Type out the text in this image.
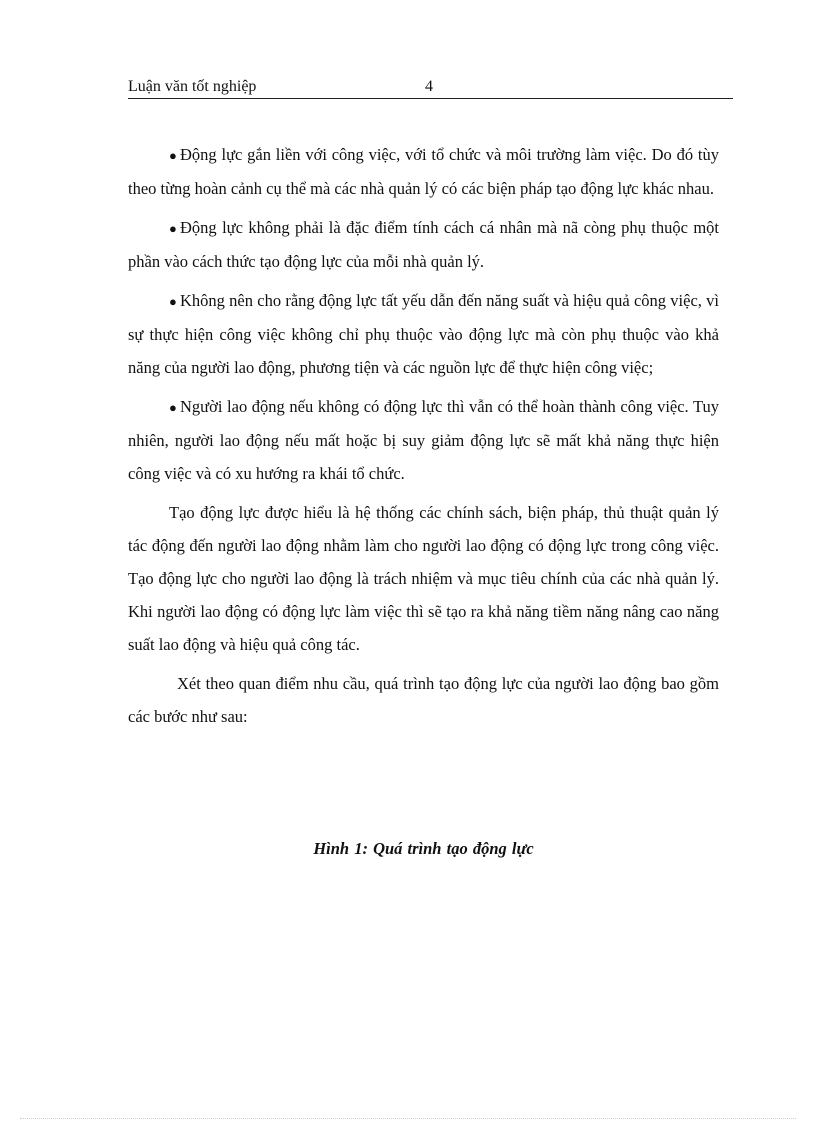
Luận văn tốt nghiệp	4

● Động lực gắn liền với công việc, với tổ chức và môi trường làm việc. Do đó tùy theo từng hoàn cảnh cụ thể mà các nhà quản lý có các biện pháp tạo động lực khác nhau.

● Động lực không phải là đặc điểm tính cách cá nhân mà nã còng phụ thuộc một phần vào cách thức tạo động lực của mỗi nhà quản lý.

● Không nên cho rằng động lực tất yếu dẫn đến năng suất và hiệu quả công việc, vì sự thực hiện công việc không chỉ phụ thuộc vào động lực mà còn phụ thuộc vào khả năng của người lao động, phương tiện và các nguồn lực để thực hiện công việc;

● Người lao động nếu không có động lực thì vẫn có thể hoàn thành công việc. Tuy nhiên, người lao động nếu mất hoặc bị suy giảm động lực sẽ mất khả năng thực hiện công việc và có xu hướng ra khái tổ chức.

Tạo động lực được hiểu là hệ thống các chính sách, biện pháp, thủ thuật quản lý tác động đến người lao động nhằm làm cho người lao động có động lực trong công việc. Tạo động lực cho người lao động là trách nhiệm và mục tiêu chính của các nhà quản lý. Khi người lao động có động lực làm việc thì sẽ tạo ra khả năng tiềm năng nâng cao năng suất lao động và hiệu quả công tác.

Xét theo quan điểm nhu cầu, quá trình tạo động lực của người lao động bao gồm các bước như sau:

Hình 1: Quá trình tạo động lực
